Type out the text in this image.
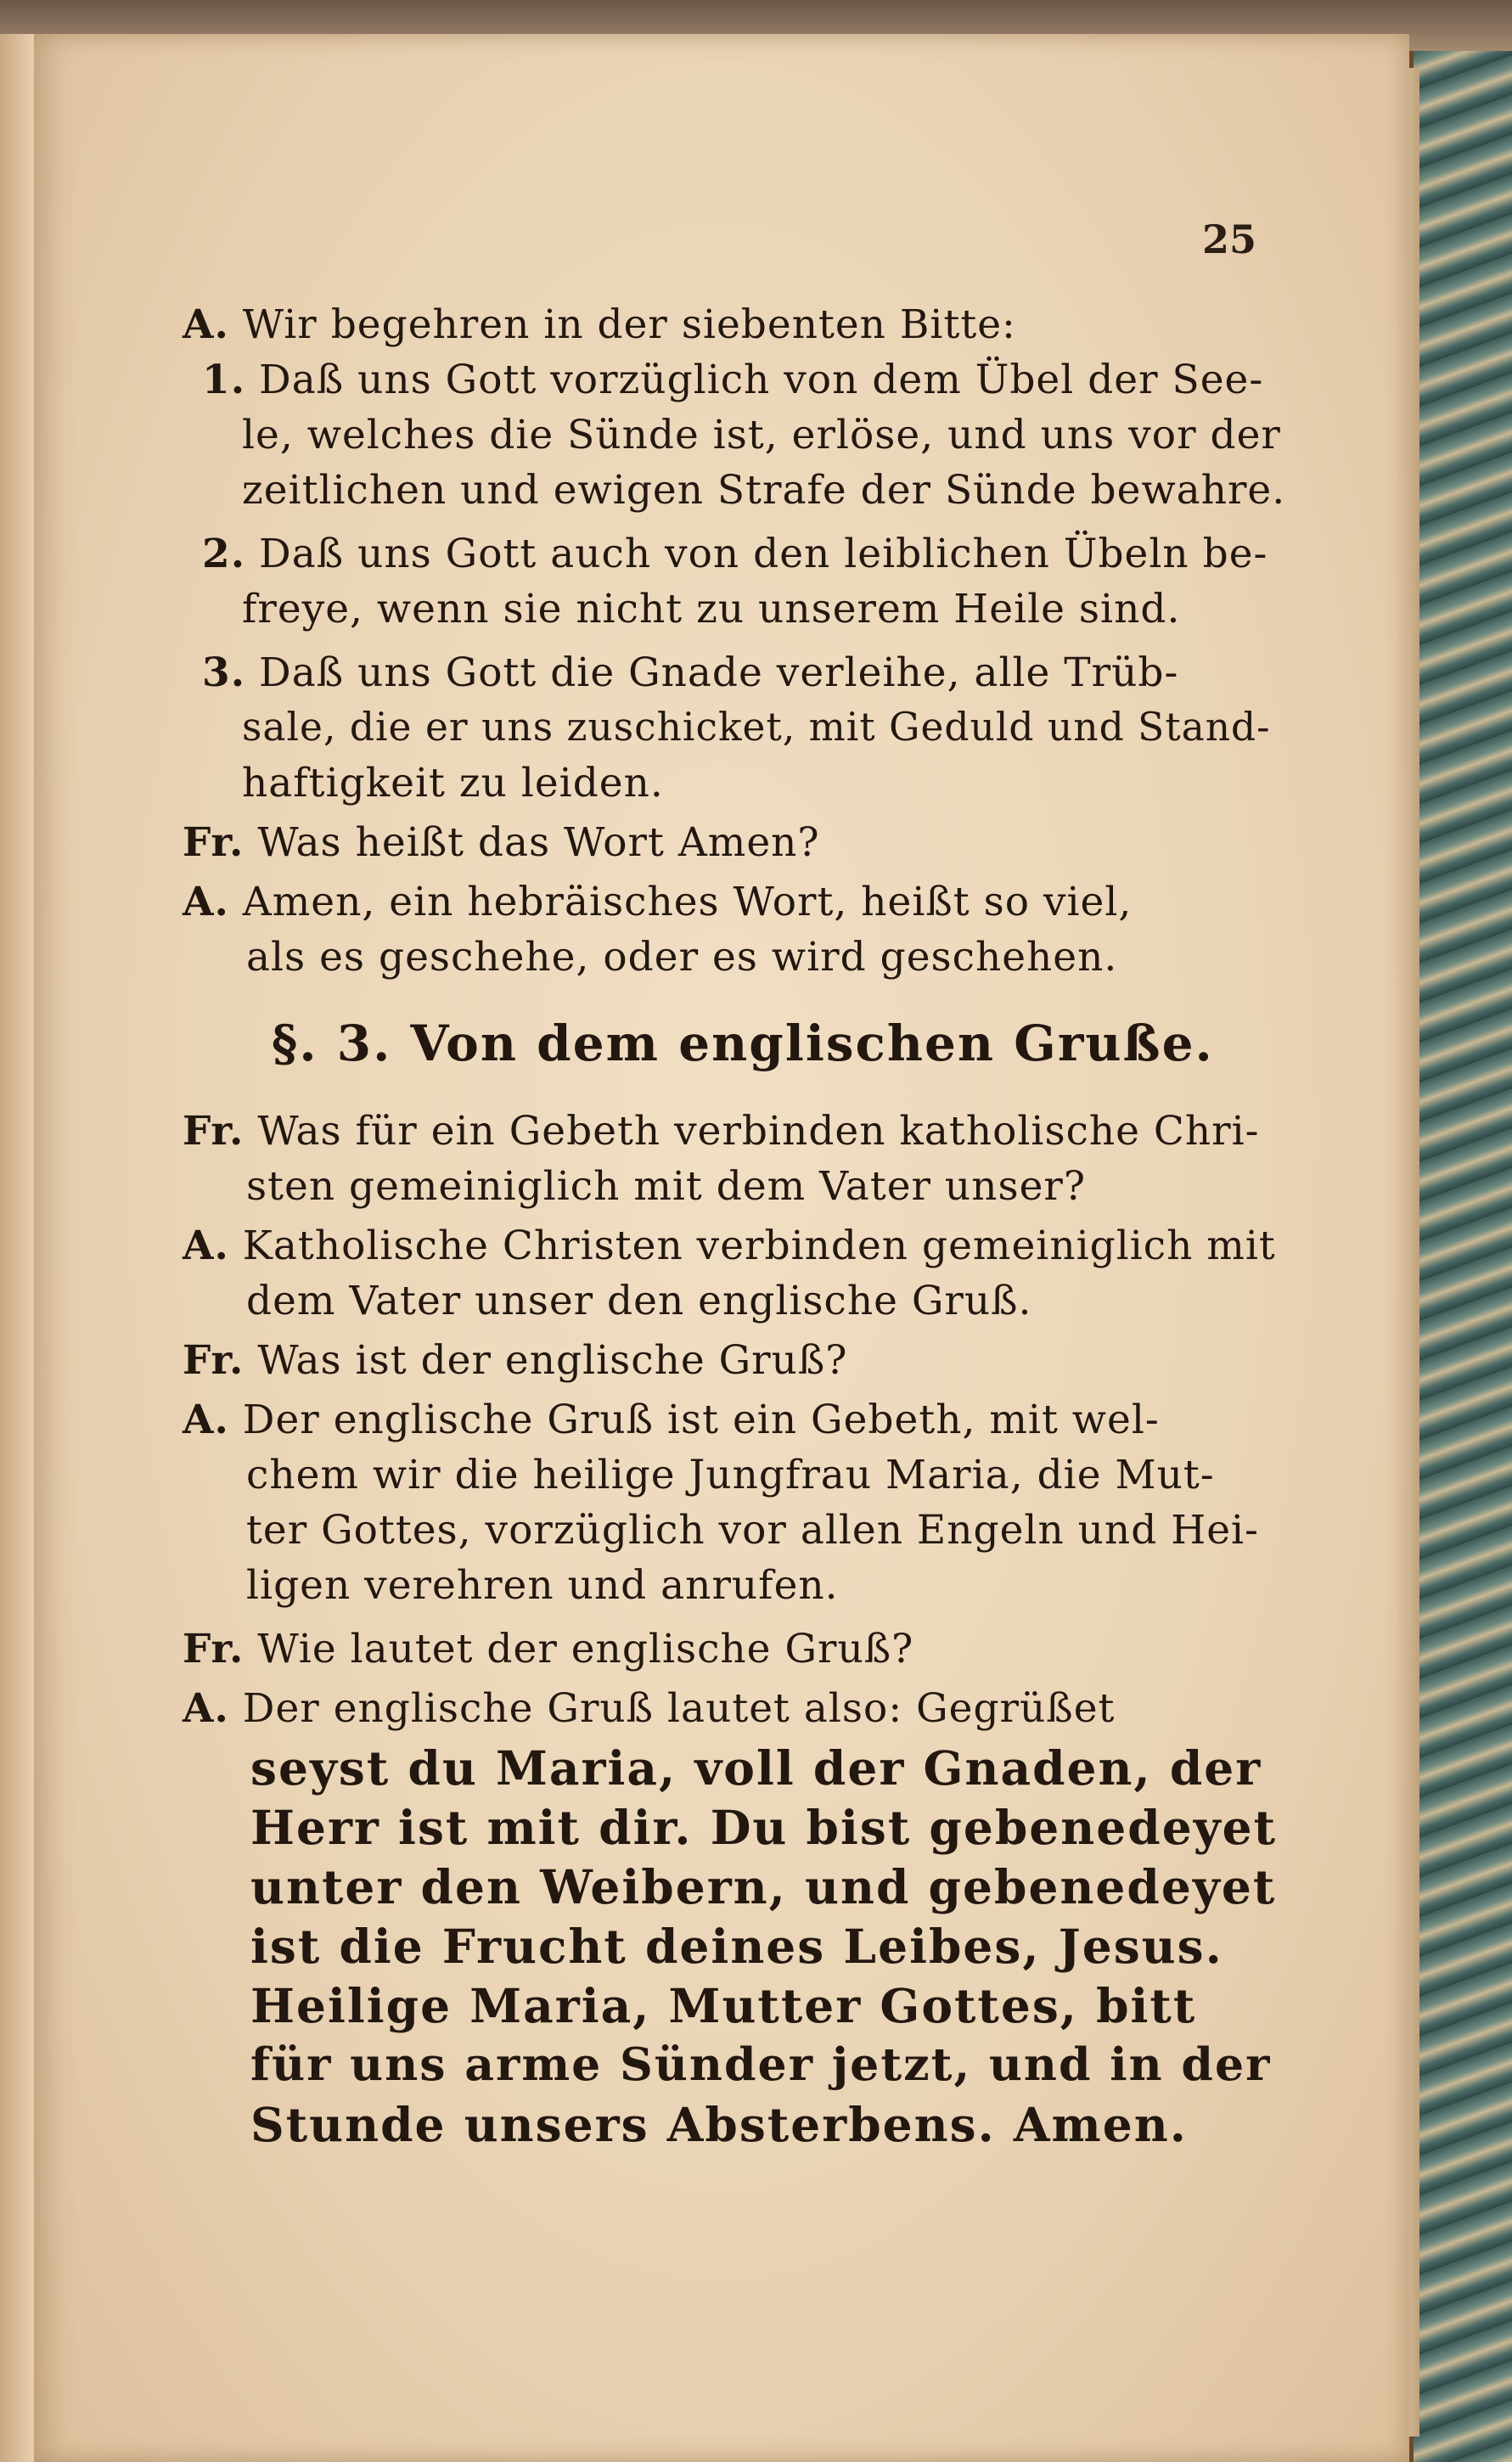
25
A. Wir begehren in der siebenten Bitte:
1. Daß uns Gott vorzüglich von dem Übel der See-
le, welches die Sünde ist, erlöse, und uns vor der
zeitlichen und ewigen Strafe der Sünde bewahre.
2. Daß uns Gott auch von den leiblichen Übeln be-
freye, wenn sie nicht zu unserem Heile sind.
3. Daß uns Gott die Gnade verleihe, alle Trüb-
sale, die er uns zuschicket, mit Geduld und Stand-
haftigkeit zu leiden.
Fr. Was heißt das Wort Amen?
A. Amen, ein hebräisches Wort, heißt so viel,
als es geschehe, oder es wird geschehen.
§. 3. Von dem englischen Gruße.
Fr. Was für ein Gebeth verbinden katholische Chri-
sten gemeiniglich mit dem Vater unser?
A. Katholische Christen verbinden gemeiniglich mit
dem Vater unser den englische Gruß.
Fr. Was ist der englische Gruß?
A. Der englische Gruß ist ein Gebeth, mit wel-
chem wir die heilige Jungfrau Maria, die Mut-
ter Gottes, vorzüglich vor allen Engeln und Hei-
ligen verehren und anrufen.
Fr. Wie lautet der englische Gruß?
A. Der englische Gruß lautet also: Gegrüßet
seyst du Maria, voll der Gnaden, der
Herr ist mit dir. Du bist gebenedeyet
unter den Weibern, und gebenedeyet
ist die Frucht deines Leibes, Jesus.
Heilige Maria, Mutter Gottes, bitt
für uns arme Sünder jetzt, und in der
Stunde unsers Absterbens. Amen.
